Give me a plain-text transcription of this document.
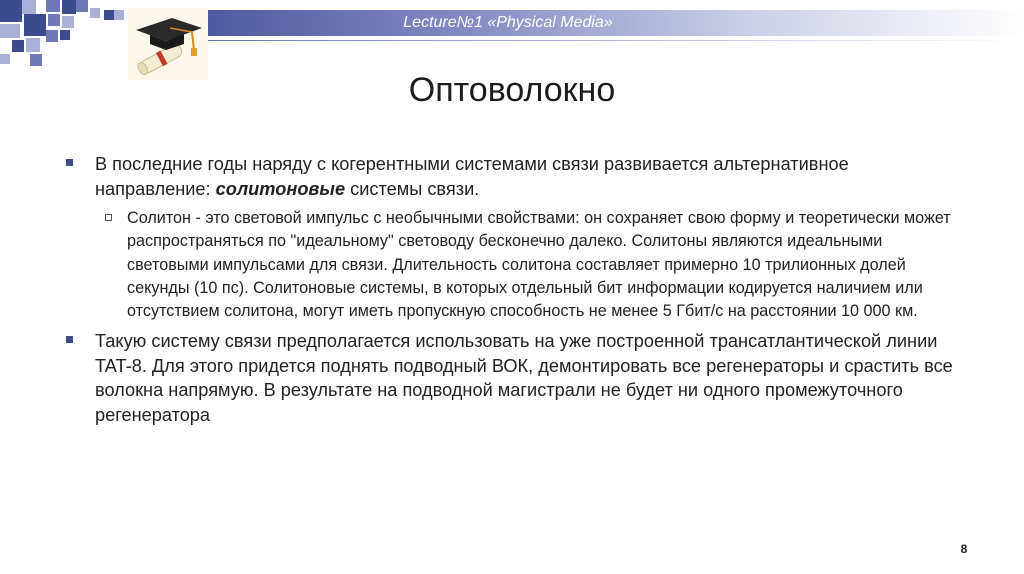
Lecture№1 «Physical Media»
Оптоволокно
В последние годы наряду с когерентными системами связи развивается альтернативное направление: солитоновые системы связи.
Солитон - это световой импульс с необычными свойствами: он сохраняет свою форму и теоретически может распространяться по "идеальному" световоду бесконечно далеко. Солитоны являются идеальными световыми импульсами для связи. Длительность солитона составляет примерно 10 трилионных долей секунды (10 пс). Солитоновые системы, в которых отдельный бит информации кодируется наличием или отсутствием солитона, могут иметь пропускную способность не менее 5 Гбит/с на расстоянии 10 000 км.
Такую систему связи предполагается использовать на уже построенной трансатлантической линии TAT-8. Для этого придется поднять подводный ВОК, демонтировать все регенераторы и срастить все волокна напрямую. В результате на подводной магистрали не будет ни одного промежуточного регенератора
8
